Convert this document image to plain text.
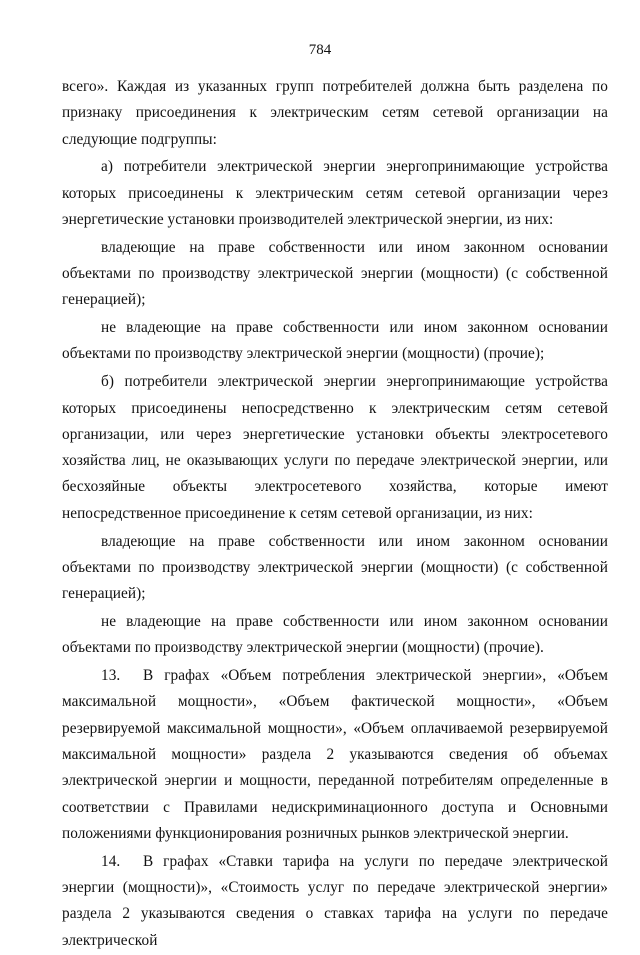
784

всего». Каждая из указанных групп потребителей должна быть разделена по признаку присоединения к электрическим сетям сетевой организации на следующие подгруппы:

а) потребители электрической энергии энергопринимающие устройства которых присоединены к электрическим сетям сетевой организации через энергетические установки производителей электрической энергии, из них:

владеющие на праве собственности или ином законном основании объектами по производству электрической энергии (мощности) (с собственной генерацией);

не владеющие на праве собственности или ином законном основании объектами по производству электрической энергии (мощности) (прочие);

б) потребители электрической энергии энергопринимающие устройства которых присоединены непосредственно к электрическим сетям сетевой организации, или через энергетические установки объекты электросетевого хозяйства лиц, не оказывающих услуги по передаче электрической энергии, или бесхозяйные объекты электросетевого хозяйства, которые имеют непосредственное присоединение к сетям сетевой организации, из них:

владеющие на праве собственности или ином законном основании объектами по производству электрической энергии (мощности) (с собственной генерацией);

не владеющие на праве собственности или ином законном основании объектами по производству электрической энергии (мощности) (прочие).

13. В графах «Объем потребления электрической энергии», «Объем максимальной мощности», «Объем фактической мощности», «Объем резервируемой максимальной мощности», «Объем оплачиваемой резервируемой максимальной мощности» раздела 2 указываются сведения об объемах электрической энергии и мощности, переданной потребителям определенные в соответствии с Правилами недискриминационного доступа и Основными положениями функционирования розничных рынков электрической энергии.

14. В графах «Ставки тарифа на услуги по передаче электрической энергии (мощности)», «Стоимость услуг по передаче электрической энергии» раздела 2 указываются сведения о ставках тарифа на услуги по передаче электрической
